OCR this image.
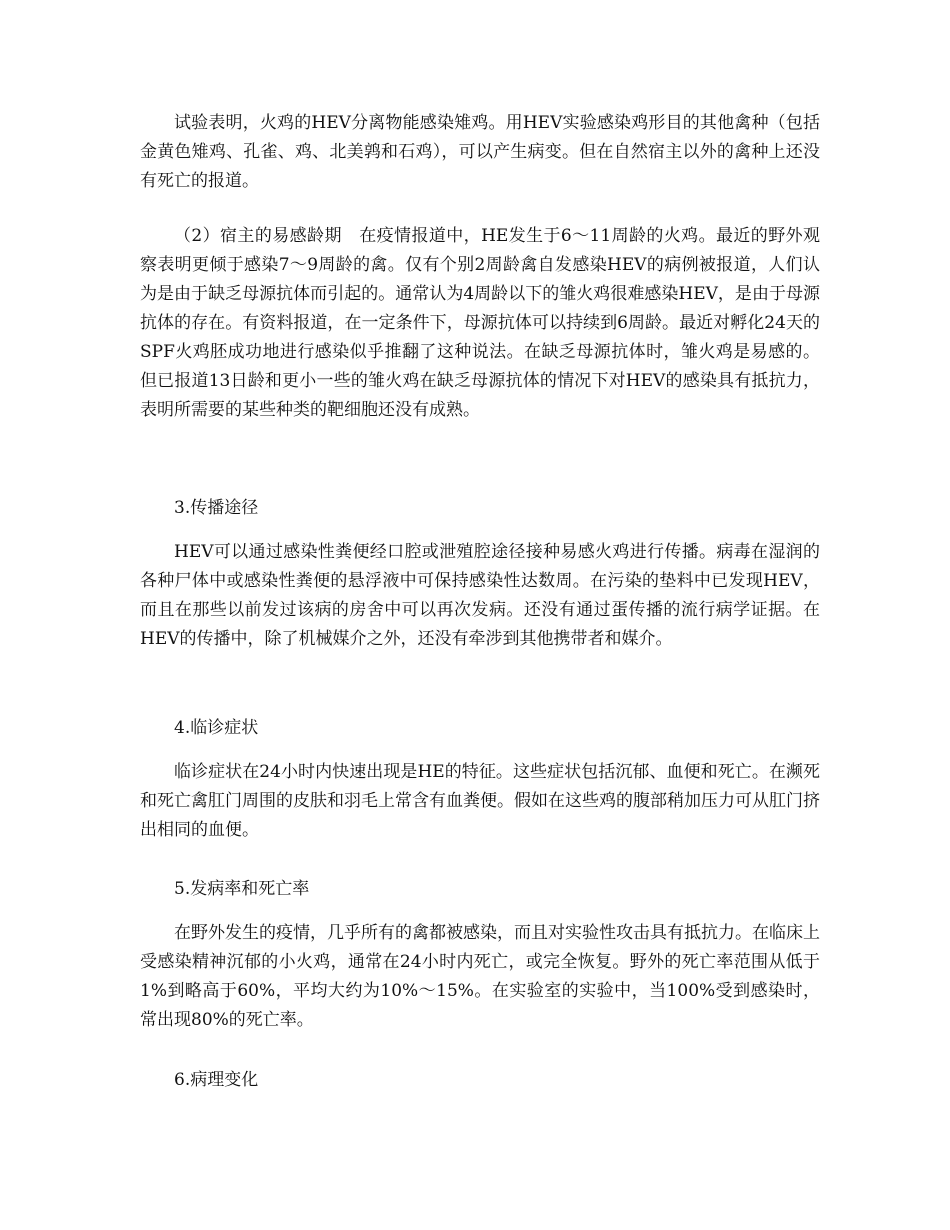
试验表明，火鸡的HEV分离物能感染雉鸡。用HEV实验感染鸡形目的其他禽种（包括金黄色雉鸡、孔雀、鸡、北美鹑和石鸡），可以产生病变。但在自然宿主以外的禽种上还没有死亡的报道。

（2）宿主的易感龄期　在疫情报道中，HE发生于6～11周龄的火鸡。最近的野外观察表明更倾于感染7～9周龄的禽。仅有个别2周龄禽自发感染HEV的病例被报道，人们认为是由于缺乏母源抗体而引起的。通常认为4周龄以下的雏火鸡很难感染HEV，是由于母源抗体的存在。有资料报道，在一定条件下，母源抗体可以持续到6周龄。最近对孵化24天的SPF火鸡胚成功地进行感染似乎推翻了这种说法。在缺乏母源抗体时，雏火鸡是易感的。但已报道13日龄和更小一些的雏火鸡在缺乏母源抗体的情况下对HEV的感染具有抵抗力，表明所需要的某些种类的靶细胞还没有成熟。

3.传播途径

HEV可以通过感染性粪便经口腔或泄殖腔途径接种易感火鸡进行传播。病毒在湿润的各种尸体中或感染性粪便的悬浮液中可保持感染性达数周。在污染的垫料中已发现HEV，而且在那些以前发过该病的房舍中可以再次发病。还没有通过蛋传播的流行病学证据。在HEV的传播中，除了机械媒介之外，还没有牵涉到其他携带者和媒介。

4.临诊症状

临诊症状在24小时内快速出现是HE的特征。这些症状包括沉郁、血便和死亡。在濒死和死亡禽肛门周围的皮肤和羽毛上常含有血粪便。假如在这些鸡的腹部稍加压力可从肛门挤出相同的血便。

5.发病率和死亡率

在野外发生的疫情，几乎所有的禽都被感染，而且对实验性攻击具有抵抗力。在临床上受感染精神沉郁的小火鸡，通常在24小时内死亡，或完全恢复。野外的死亡率范围从低于1%到略高于60%，平均大约为10%～15%。在实验室的实验中，当100%受到感染时，常出现80%的死亡率。

6.病理变化
